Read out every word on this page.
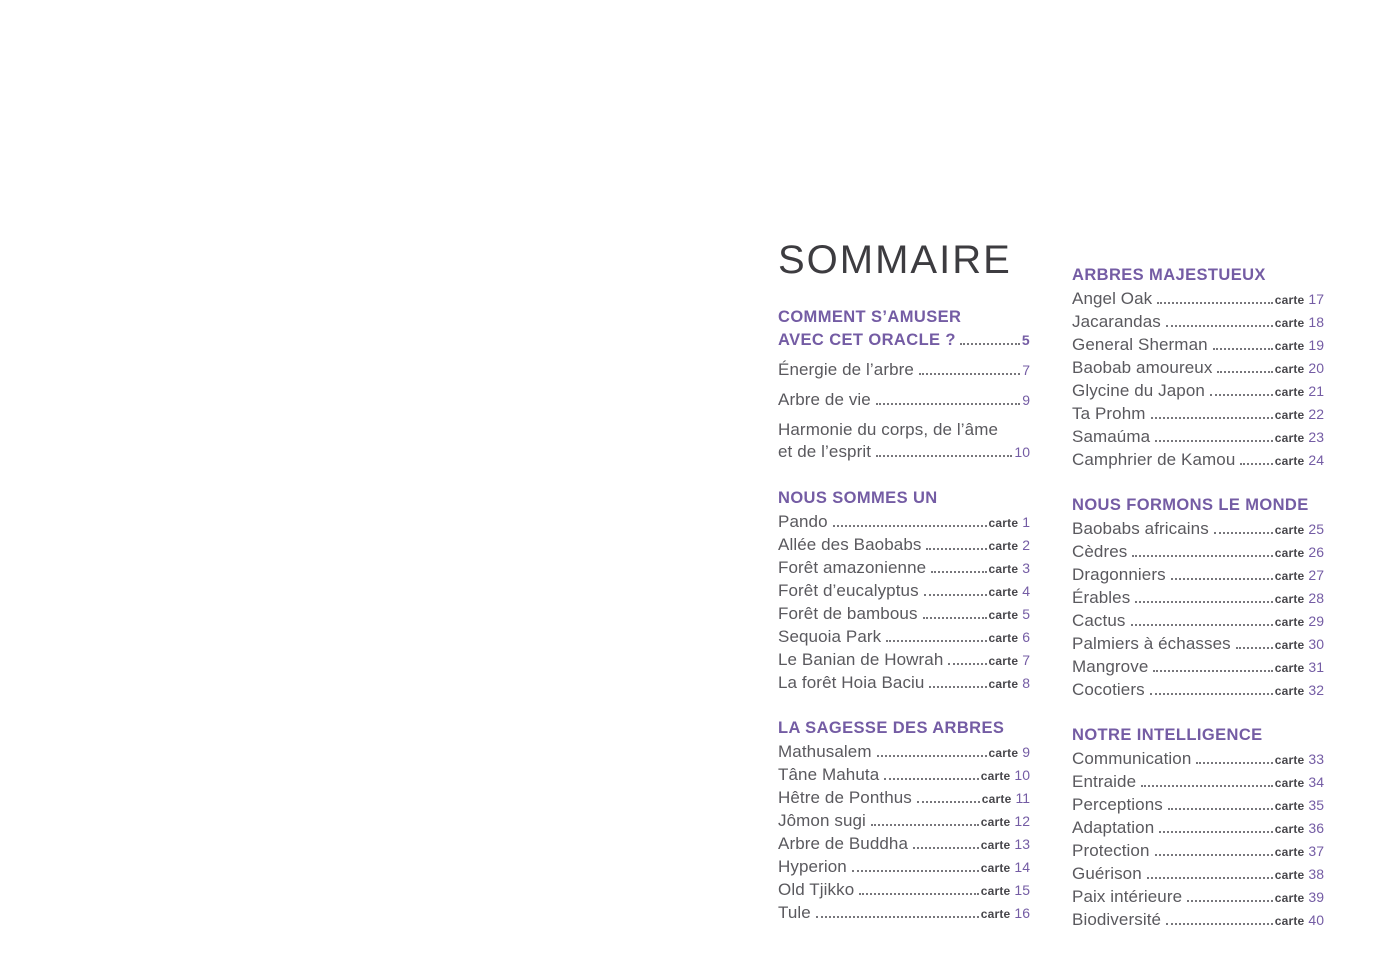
SOMMAIRE
COMMENT S’AMUSER
AVEC CET ORACLE ?	5
Énergie de l’arbre	7
Arbre de vie	9
Harmonie du corps, de l’âme
et de l’esprit	10
NOUS SOMMES UN
Pando	carte 1
Allée des Baobabs	carte 2
Forêt amazonienne	carte 3
Forêt d’eucalyptus	carte 4
Forêt de bambous	carte 5
Sequoia Park	carte 6
Le Banian de Howrah	carte 7
La forêt Hoia Baciu	carte 8
LA SAGESSE DES ARBRES
Mathusalem	carte 9
Tâne Mahuta	carte 10
Hêtre de Ponthus	carte 11
Jômon sugi	carte 12
Arbre de Buddha	carte 13
Hyperion	carte 14
Old Tjikko	carte 15
Tule	carte 16
ARBRES MAJESTUEUX
Angel Oak	carte 17
Jacarandas	carte 18
General Sherman	carte 19
Baobab amoureux	carte 20
Glycine du Japon	carte 21
Ta Prohm	carte 22
Samaúma	carte 23
Camphrier de Kamou	carte 24
NOUS FORMONS LE MONDE
Baobabs africains	carte 25
Cèdres	carte 26
Dragonniers	carte 27
Érables	carte 28
Cactus	carte 29
Palmiers à échasses	carte 30
Mangrove	carte 31
Cocotiers	carte 32
NOTRE INTELLIGENCE
Communication	carte 33
Entraide	carte 34
Perceptions	carte 35
Adaptation	carte 36
Protection	carte 37
Guérison	carte 38
Paix intérieure	carte 39
Biodiversité	carte 40
